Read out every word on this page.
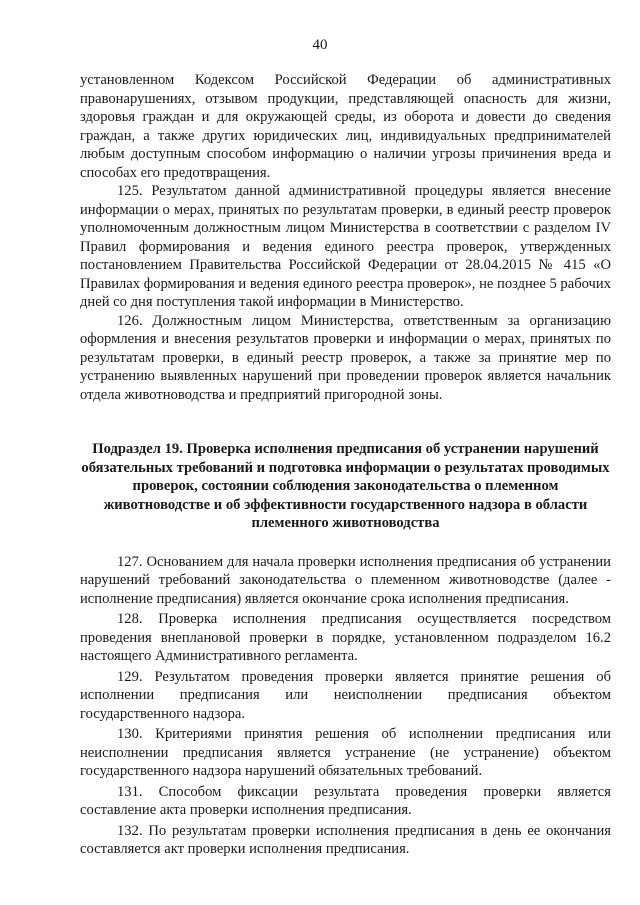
40

установленном Кодексом Российской Федерации об административных правонарушениях, отзывом продукции, представляющей опасность для жизни, здоровья граждан и для окружающей среды, из оборота и довести до сведения граждан, а также других юридических лиц, индивидуальных предпринимателей любым доступным способом информацию о наличии угрозы причинения вреда и способах его предотвращения.

125. Результатом данной административной процедуры является внесение информации о мерах, принятых по результатам проверки, в единый реестр проверок уполномоченным должностным лицом Министерства в соответствии с разделом IV Правил формирования и ведения единого реестра проверок, утвержденных постановлением Правительства Российской Федерации от 28.04.2015 № 415 «О Правилах формирования и ведения единого реестра проверок», не позднее 5 рабочих дней со дня поступления такой информации в Министерство.

126. Должностным лицом Министерства, ответственным за организацию оформления и внесения результатов проверки и информации о мерах, принятых по результатам проверки, в единый реестр проверок, а также за принятие мер по устранению выявленных нарушений при проведении проверок является начальник отдела животноводства и предприятий пригородной зоны.

Подраздел 19. Проверка исполнения предписания об устранении нарушений обязательных требований и подготовка информации о результатах проводимых проверок, состоянии соблюдения законодательства о племенном животноводстве и об эффективности государственного надзора в области племенного животноводства

127. Основанием для начала проверки исполнения предписания об устранении нарушений требований законодательства о племенном животноводстве (далее - исполнение предписания) является окончание срока исполнения предписания.

128. Проверка исполнения предписания осуществляется посредством проведения внеплановой проверки в порядке, установленном подразделом 16.2 настоящего Административного регламента.

129. Результатом проведения проверки является принятие решения об исполнении предписания или неисполнении предписания объектом государственного надзора.

130. Критериями принятия решения об исполнении предписания или неисполнении предписания является устранение (не устранение) объектом государственного надзора нарушений обязательных требований.

131. Способом фиксации результата проведения проверки является составление акта проверки исполнения предписания.

132. По результатам проверки исполнения предписания в день ее окончания составляется акт проверки исполнения предписания.
